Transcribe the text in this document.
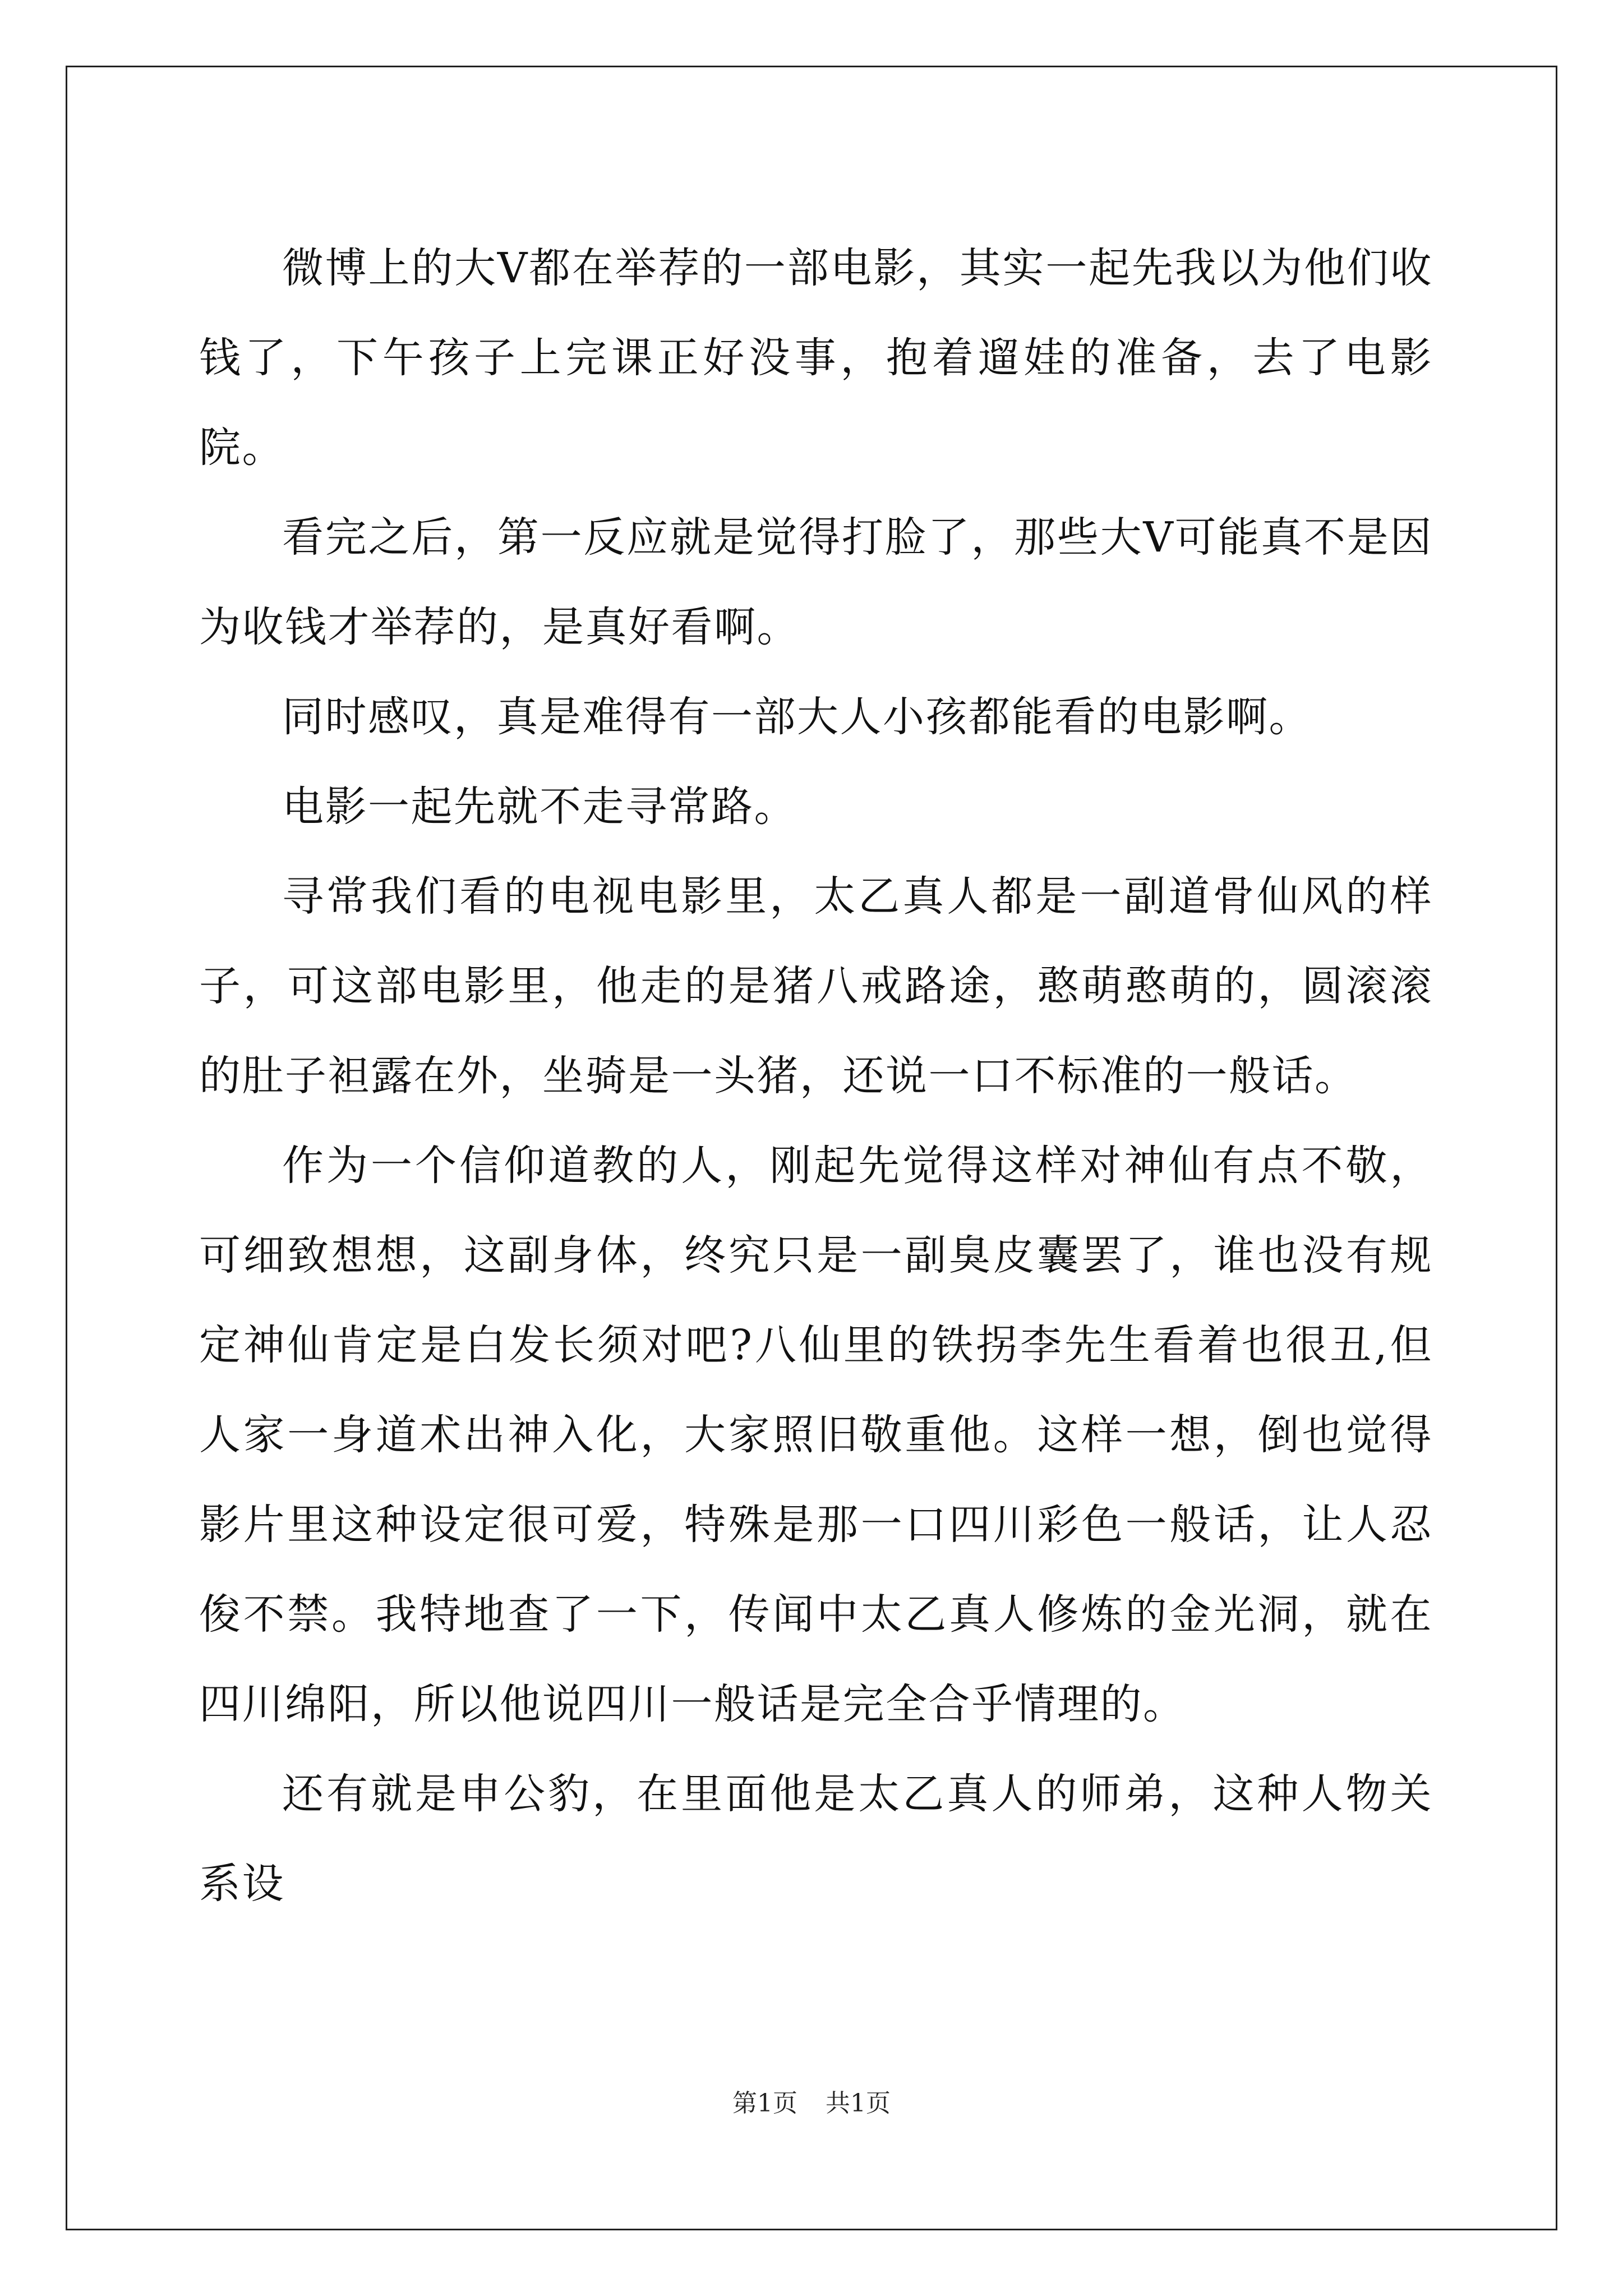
微博上的大V都在举荐的一部电影，其实一起先我以为他们收钱了，下午孩子上完课正好没事，抱着遛娃的准备，去了电影院。

看完之后，第一反应就是觉得打脸了，那些大V可能真不是因为收钱才举荐的，是真好看啊。

同时感叹，真是难得有一部大人小孩都能看的电影啊。

电影一起先就不走寻常路。

寻常我们看的电视电影里，太乙真人都是一副道骨仙风的样子，可这部电影里，他走的是猪八戒路途，憨萌憨萌的，圆滚滚的肚子袒露在外，坐骑是一头猪，还说一口不标准的一般话。

作为一个信仰道教的人，刚起先觉得这样对神仙有点不敬，可细致想想，这副身体，终究只是一副臭皮囊罢了，谁也没有规定神仙肯定是白发长须对吧?八仙里的铁拐李先生看着也很丑,但人家一身道术出神入化，大家照旧敬重他。这样一想，倒也觉得影片里这种设定很可爱，特殊是那一口四川彩色一般话，让人忍俊不禁。我特地查了一下，传闻中太乙真人修炼的金光洞，就在四川绵阳，所以他说四川一般话是完全合乎情理的。

还有就是申公豹，在里面他是太乙真人的师弟，这种人物关系设

第1页 共1页
